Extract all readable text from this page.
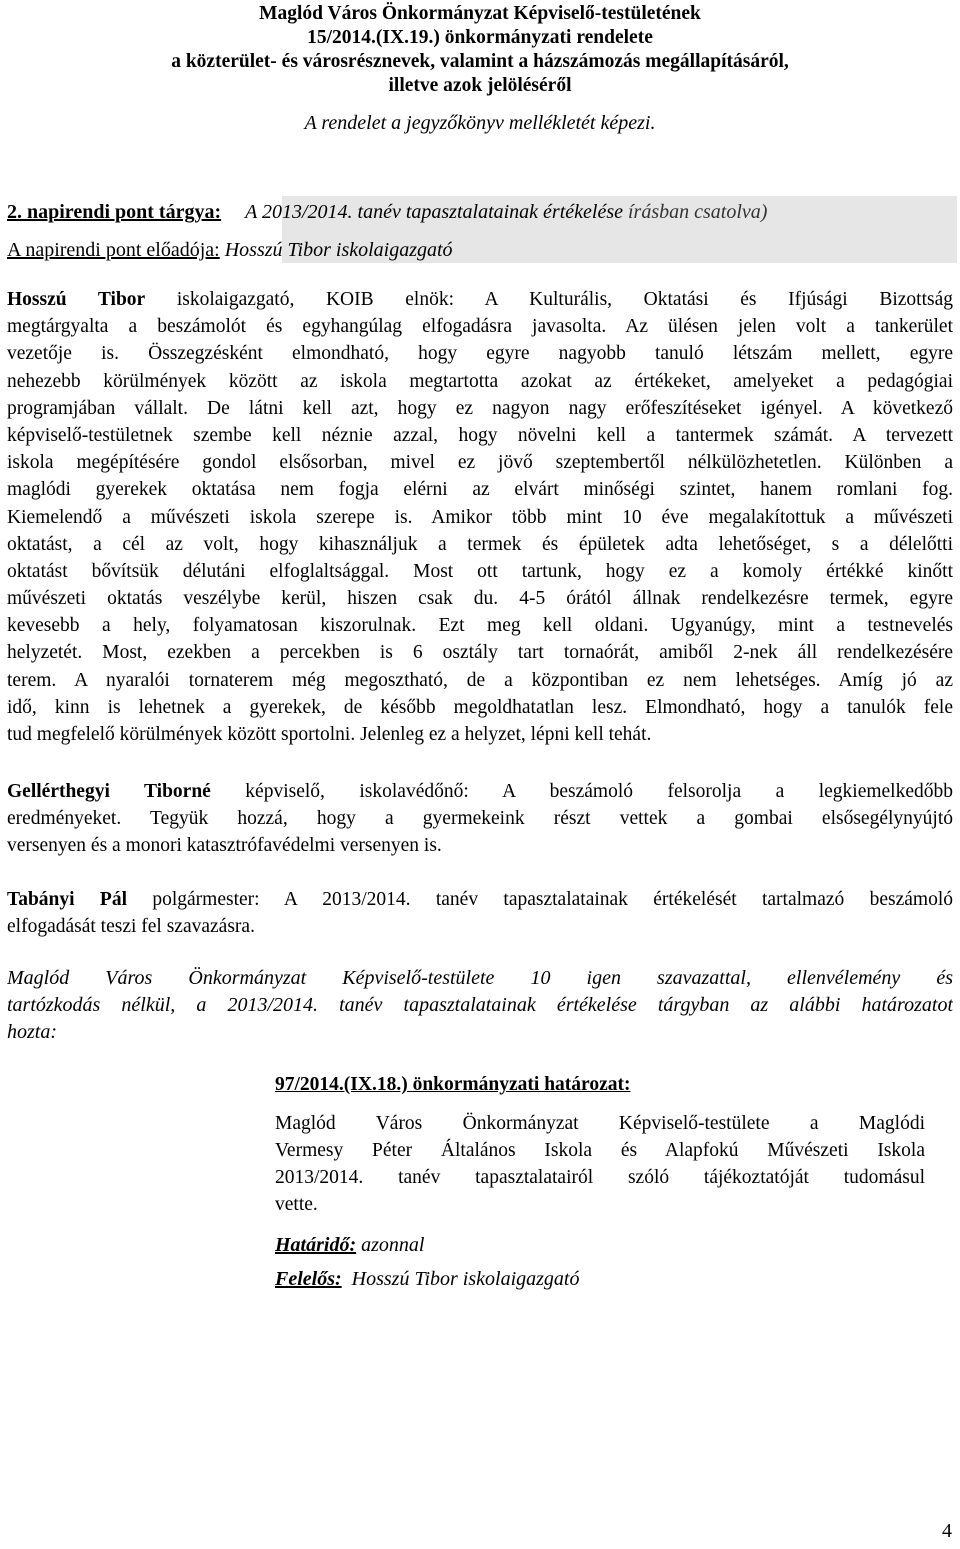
Maglód Város Önkormányzat Képviselő-testületének
15/2014.(IX.19.) önkormányzati rendelete
a közterület- és városrésznevek, valamint a házszámozás megállapításáról,
illetve azok jelöléséről
A rendelet a jegyzőkönyv mellékletét képezi.
2. napirendi pont tárgya: A 2013/2014. tanév tapasztalatainak értékelése írásban csatolva)
A napirendi pont előadója: Hosszú Tibor iskolaigazgató
Hosszú Tibor iskolaigazgató, KOIB elnök: A Kulturális, Oktatási és Ifjúsági Bizottság
megtárgyalta a beszámolót és egyhangúlag elfogadásra javasolta. Az ülésen jelen volt a tankerület
vezetője is. Összegzésként elmondható, hogy egyre nagyobb tanuló létszám mellett, egyre
nehezebb körülmények között az iskola megtartotta azokat az értékeket, amelyeket a pedagógiai
programjában vállalt. De látni kell azt, hogy ez nagyon nagy erőfeszítéseket igényel. A következő
képviselő-testületnek szembe kell néznie azzal, hogy növelni kell a tantermek számát. A tervezett
iskola megépítésére gondol elsősorban, mivel ez jövő szeptembertől nélkülözhetetlen. Különben a
maglódi gyerekek oktatása nem fogja elérni az elvárt minőségi szintet, hanem romlani fog.
Kiemelendő a művészeti iskola szerepe is. Amikor több mint 10 éve megalakítottuk a művészeti
oktatást, a cél az volt, hogy kihasználjuk a termek és épületek adta lehetőséget, s a délelőtti
oktatást bővítsük délutáni elfoglaltsággal. Most ott tartunk, hogy ez a komoly értékké kinőtt
művészeti oktatás veszélybe kerül, hiszen csak du. 4-5 órától állnak rendelkezésre termek, egyre
kevesebb a hely, folyamatosan kiszorulnak. Ezt meg kell oldani. Ugyanúgy, mint a testnevelés
helyzetét. Most, ezekben a percekben is 6 osztály tart tornaórát, amiből 2-nek áll rendelkezésére
terem. A nyaralói tornaterem még megosztható, de a központiban ez nem lehetséges. Amíg jó az
idő, kinn is lehetnek a gyerekek, de később megoldhatatlan lesz. Elmondható, hogy a tanulók fele
tud megfelelő körülmények között sportolni. Jelenleg ez a helyzet, lépni kell tehát.
Gellérthegyi Tiborné képviselő, iskolavédőnő: A beszámoló felsorolja a legkiemelkedőbb
eredményeket. Tegyük hozzá, hogy a gyermekeink részt vettek a gombai elsősegélynyújtó
versenyen és a monori katasztrófavédelmi versenyen is.
Tabányi Pál polgármester: A 2013/2014. tanév tapasztalatainak értékelését tartalmazó beszámoló
elfogadását teszi fel szavazásra.
Maglód Város Önkormányzat Képviselő-testülete 10 igen szavazattal, ellenvélemény és
tartózkodás nélkül, a 2013/2014. tanév tapasztalatainak értékelése tárgyban az alábbi határozatot
hozta:
97/2014.(IX.18.) önkormányzati határozat:
Maglód Város Önkormányzat Képviselő-testülete a Maglódi
Vermesy Péter Általános Iskola és Alapfokú Művészeti Iskola
2013/2014. tanév tapasztalatairól szóló tájékoztatóját tudomásul
vette.
Határidő: azonnal
Felelős:  Hosszú Tibor iskolaigazgató
4
